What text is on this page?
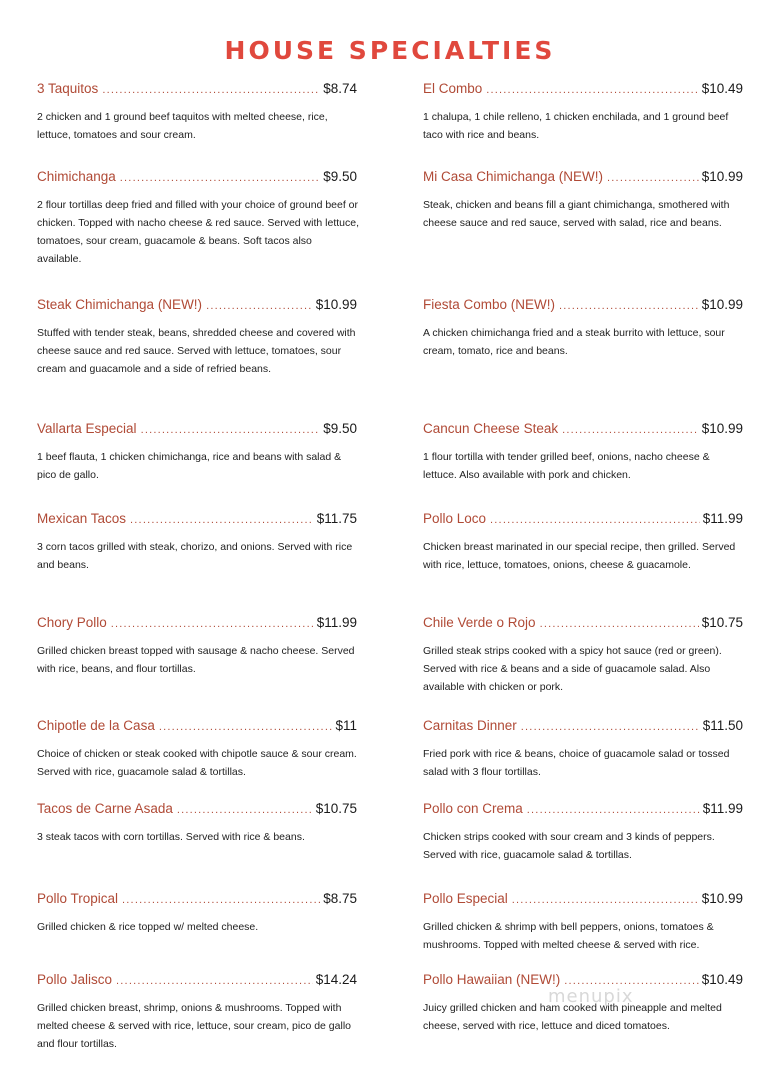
HOUSE SPECIALTIES
3 Taquitos .....	$8.74
2 chicken and 1 ground beef taquitos with melted cheese, rice, lettuce, tomatoes and sour cream.
Chimichanga .....	$9.50
2 flour tortillas deep fried and filled with your choice of ground beef or chicken. Topped with nacho cheese & red sauce. Served with lettuce, tomatoes, sour cream, guacamole & beans. Soft tacos also available.
Steak Chimichanga (NEW!) .....	$10.99
Stuffed with tender steak, beans, shredded cheese and covered with cheese sauce and red sauce. Served with lettuce, tomatoes, sour cream and guacamole and a side of refried beans.
Vallarta Especial .....	$9.50
1 beef flauta, 1 chicken chimichanga, rice and beans with salad & pico de gallo.
Mexican Tacos .....	$11.75
3 corn tacos grilled with steak, chorizo, and onions. Served with rice and beans.
Chory Pollo .....	$11.99
Grilled chicken breast topped with sausage & nacho cheese. Served with rice, beans, and flour tortillas.
Chipotle de la Casa .....	$11
Choice of chicken or steak cooked with chipotle sauce & sour cream. Served with rice, guacamole salad & tortillas.
Tacos de Carne Asada .....	$10.75
3 steak tacos with corn tortillas. Served with rice & beans.
Pollo Tropical .....	$8.75
Grilled chicken & rice topped w/ melted cheese.
Pollo Jalisco .....	$14.24
Grilled chicken breast, shrimp, onions & mushrooms. Topped with melted cheese & served with rice, lettuce, sour cream, pico de gallo and flour tortillas.
El Combo .....	$10.49
1 chalupa, 1 chile relleno, 1 chicken enchilada, and 1 ground beef taco with rice and beans.
Mi Casa Chimichanga (NEW!) .....	$10.99
Steak, chicken and beans fill a giant chimichanga, smothered with cheese sauce and red sauce, served with salad, rice and beans.
Fiesta Combo (NEW!) .....	$10.99
A chicken chimichanga fried and a steak burrito with lettuce, sour cream, tomato, rice and beans.
Cancun Cheese Steak .....	$10.99
1 flour tortilla with tender grilled beef, onions, nacho cheese & lettuce. Also available with pork and chicken.
Pollo Loco .....	$11.99
Chicken breast marinated in our special recipe, then grilled. Served with rice, lettuce, tomatoes, onions, cheese & guacamole.
Chile Verde o Rojo .....	$10.75
Grilled steak strips cooked with a spicy hot sauce (red or green). Served with rice & beans and a side of guacamole salad. Also available with chicken or pork.
Carnitas Dinner .....	$11.50
Fried pork with rice & beans, choice of guacamole salad or tossed salad with 3 flour tortillas.
Pollo con Crema .....	$11.99
Chicken strips cooked with sour cream and 3 kinds of peppers. Served with rice, guacamole salad & tortillas.
Pollo Especial .....	$10.99
Grilled chicken & shrimp with bell peppers, onions, tomatoes & mushrooms. Topped with melted cheese & served with rice.
Pollo Hawaiian (NEW!) .....	$10.49
Juicy grilled chicken and ham cooked with pineapple and melted cheese, served with rice, lettuce and diced tomatoes.
menupix
